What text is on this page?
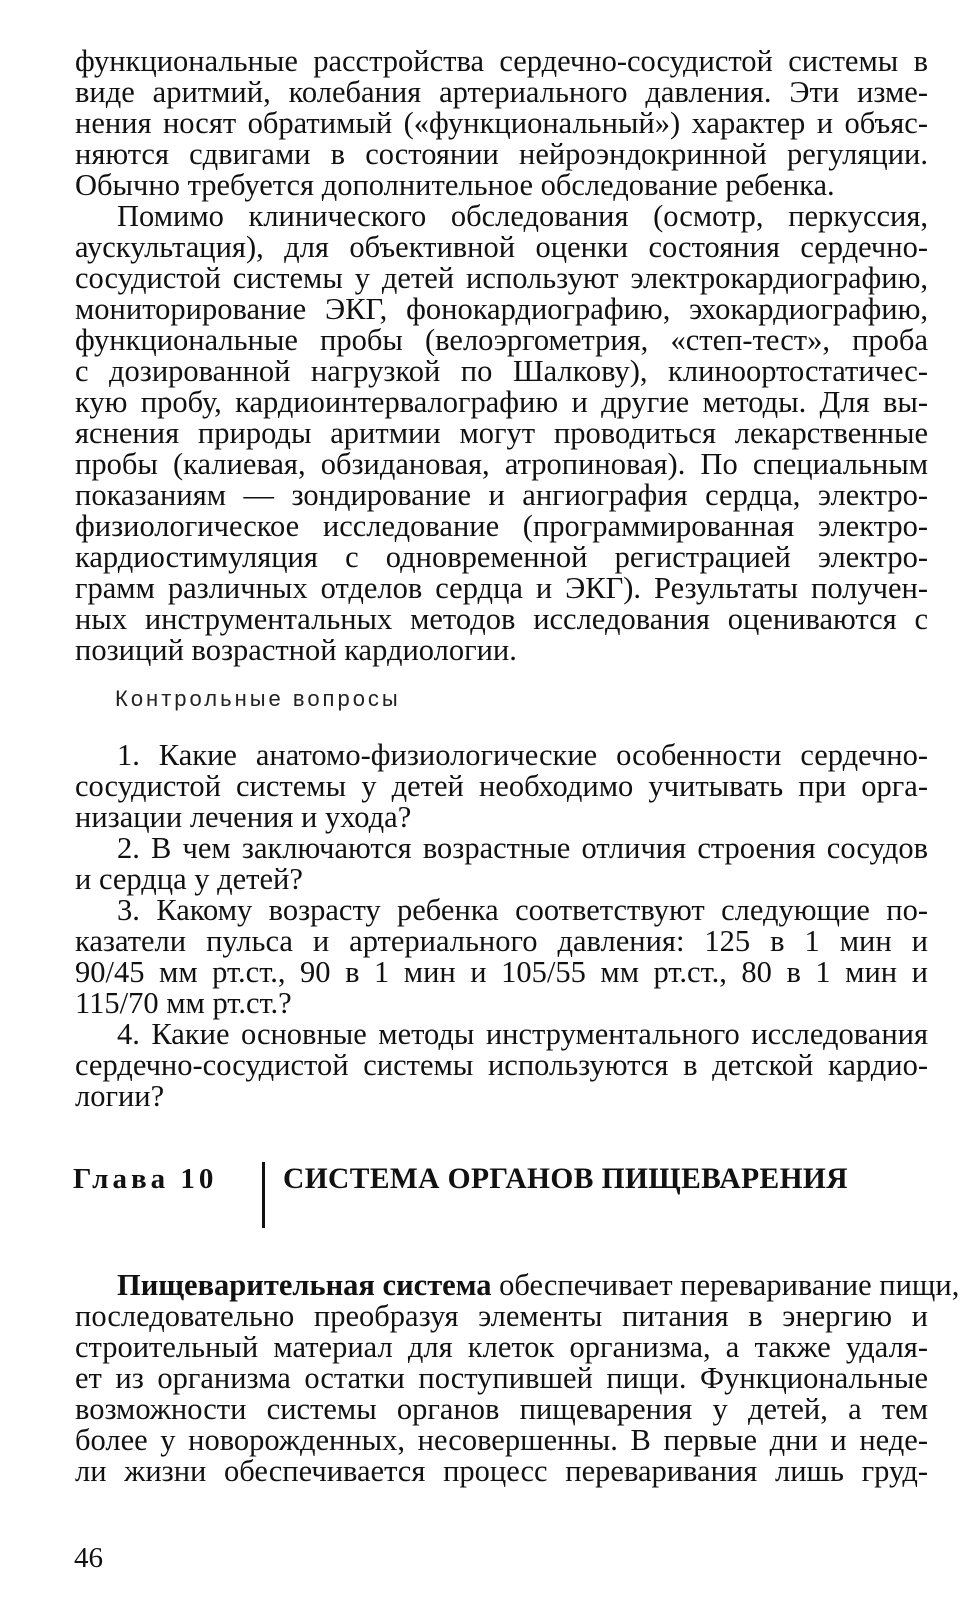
функциональные расстройства сердечно-сосудистой системы в
виде аритмий, колебания артериального давления. Эти изме-
нения носят обратимый («функциональный») характер и объяс-
няются сдвигами в состоянии нейроэндокринной регуляции.
Обычно требуется дополнительное обследование ребенка.
Помимо клинического обследования (осмотр, перкуссия,
аускультация), для объективной оценки состояния сердечно-
сосудистой системы у детей используют электрокардиографию,
мониторирование ЭКГ, фонокардиографию, эхокардиографию,
функциональные пробы (велоэргометрия, «степ-тест», проба
с дозированной нагрузкой по Шалкову), клиноортостатичес-
кую пробу, кардиоинтервалографию и другие методы. Для вы-
яснения природы аритмии могут проводиться лекарственные
пробы (калиевая, обзидановая, атропиновая). По специальным
показаниям — зондирование и ангиография сердца, электро-
физиологическое исследование (программированная электро-
кардиостимуляция с одновременной регистрацией электро-
грамм различных отделов сердца и ЭКГ). Результаты получен-
ных инструментальных методов исследования оцениваются с
позиций возрастной кардиологии.
Контрольные вопросы
1. Какие анатомо-физиологические особенности сердечно-
сосудистой системы у детей необходимо учитывать при орга-
низации лечения и ухода?
2. В чем заключаются возрастные отличия строения сосудов
и сердца у детей?
3. Какому возрасту ребенка соответствуют следующие по-
казатели пульса и артериального давления: 125 в 1 мин и
90/45 мм рт.ст., 90 в 1 мин и 105/55 мм рт.ст., 80 в 1 мин и
115/70 мм рт.ст.?
4. Какие основные методы инструментального исследования
сердечно-сосудистой системы используются в детской кардио-
логии?
Глава 10 СИСТЕМА ОРГАНОВ ПИЩЕВАРЕНИЯ
Пищеварительная система обеспечивает переваривание пищи,
последовательно преобразуя элементы питания в энергию и
строительный материал для клеток организма, а также удаля-
ет из организма остатки поступившей пищи. Функциональные
возможности системы органов пищеварения у детей, а тем
более у новорожденных, несовершенны. В первые дни и неде-
ли жизни обеспечивается процесс переваривания лишь груд-
46
